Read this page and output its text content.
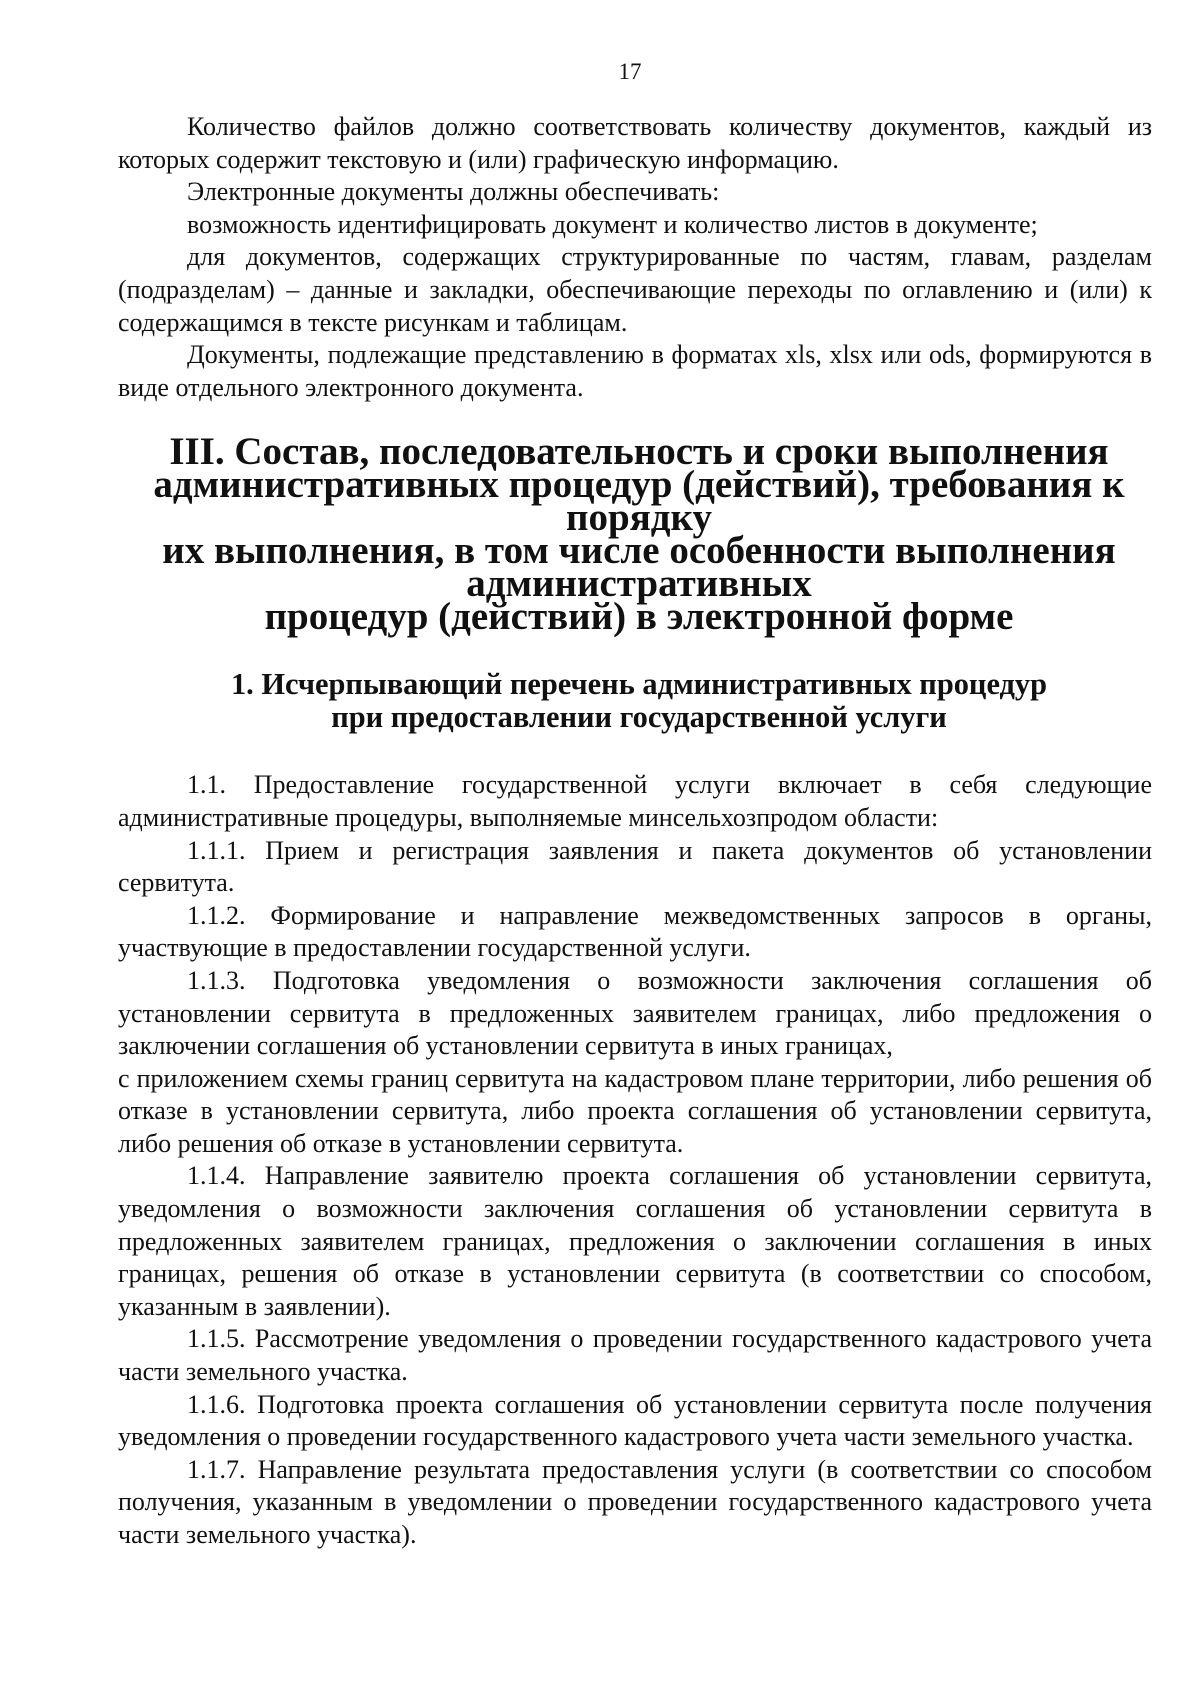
17

Количество файлов должно соответствовать количеству документов, каждый из которых содержит текстовую и (или) графическую информацию.

Электронные документы должны обеспечивать:

возможность идентифицировать документ и количество листов в документе;

для документов, содержащих структурированные по частям, главам, разделам (подразделам) – данные и закладки, обеспечивающие переходы по оглавлению и (или) к содержащимся в тексте рисункам и таблицам.

Документы, подлежащие представлению в форматах xls, xlsx или ods, формируются в виде отдельного электронного документа.

III. Состав, последовательность и сроки выполнения
административных процедур (действий), требования к порядку
их выполнения, в том числе особенности выполнения административных
процедур (действий) в электронной форме
1. Исчерпывающий перечень административных процедур
при предоставлении государственной услуги

1.1. Предоставление государственной услуги включает в себя следующие административные процедуры, выполняемые минсельхозпродом области:

1.1.1. Прием и регистрация заявления и пакета документов об установлении сервитута.

1.1.2. Формирование и направление межведомственных запросов в органы, участвующие в предоставлении государственной услуги.

1.1.3. Подготовка уведомления о возможности заключения соглашения об установлении сервитута в предложенных заявителем границах, либо предложения о заключении соглашения об установлении сервитута в иных границах,

с приложением схемы границ сервитута на кадастровом плане территории, либо решения об отказе в установлении сервитута, либо проекта соглашения об установлении сервитута, либо решения об отказе в установлении сервитута.

1.1.4. Направление заявителю проекта соглашения об установлении сервитута, уведомления о возможности заключения соглашения об установлении сервитута в предложенных заявителем границах, предложения о заключении соглашения в иных границах, решения об отказе в установлении сервитута (в соответствии со способом, указанным в заявлении).

1.1.5. Рассмотрение уведомления о проведении государственного кадастрового учета части земельного участка.

1.1.6. Подготовка проекта соглашения об установлении сервитута после получения уведомления о проведении государственного кадастрового учета части земельного участка.

1.1.7. Направление результата предоставления услуги (в соответствии со способом получения, указанным в уведомлении о проведении государственного кадастрового учета части земельного участка).
